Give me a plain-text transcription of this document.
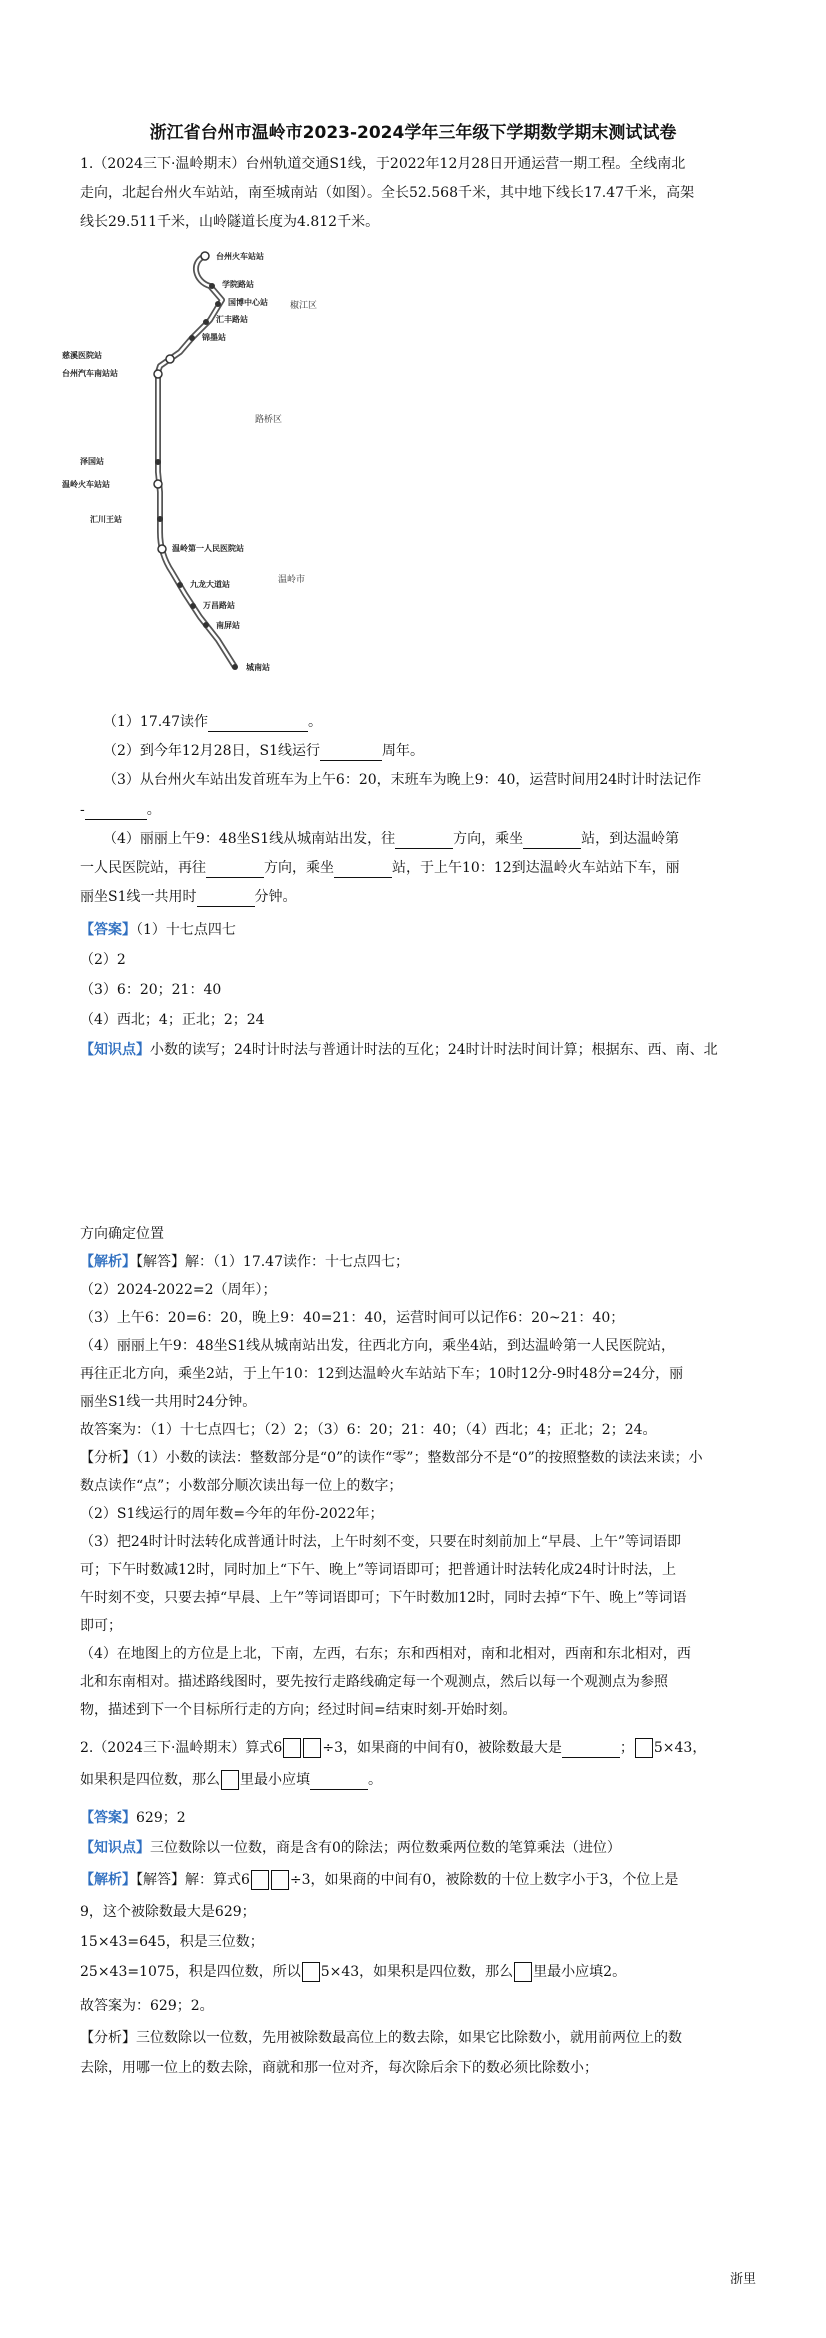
浙江省台州市温岭市2023-2024学年三年级下学期数学期末测试试卷
1.（2024三下·温岭期末）台州轨道交通S1线，于2022年12月28日开通运营一期工程。全线南北
走向，北起台州火车站站，南至城南站（如图）。全长52.568千米，其中地下线长17.47千米，高架
线长29.511千米，山岭隧道长度为4.812千米。
台州火车站站
学院路站
国博中心站
汇丰路站
锦墨站
慈溪医院站
台州汽车南站站
泽国站
温岭火车站站
汇川王站
温岭第一人民医院站
九龙大道站
万昌路站
南屏站
城南站
椒江区
路桥区
温岭市
（1）17.47读作	。
（2）到今年12月28日，S1线运行	周年。
（3）从台州火车站出发首班车为上午6：20，末班车为晚上9：40，运营时间用24时计时法记作
-	。
（4）丽丽上午9：48坐S1线从城南站出发，往	方向，乘坐	站，到达温岭第
一人民医院站，再往	方向，乘坐	站，于上午10：12到达温岭火车站站下车，丽
丽坐S1线一共用时	分钟。
【答案】（1）十七点四七
（2）2
（3）6：20；21：40
（4）西北；4；正北；2；24
【知识点】小数的读写；24时计时法与普通计时法的互化；24时计时法时间计算；根据东、西、南、北
方向确定位置
【解析】【解答】解：（1）17.47读作：十七点四七；
（2）2024-2022=2（周年）；
（3）上午6：20=6：20，晚上9：40=21：40，运营时间可以记作6：20~21：40；
（4）丽丽上午9：48坐S1线从城南站出发，往西北方向，乘坐4站，到达温岭第一人民医院站，
再往正北方向，乘坐2站，于上午10：12到达温岭火车站站下车；10时12分-9时48分=24分，丽
丽坐S1线一共用时24分钟。
故答案为：（1）十七点四七；（2）2；（3）6：20；21：40；（4）西北；4；正北；2；24。
【分析】（1）小数的读法：整数部分是“0”的读作“零”；整数部分不是“0”的按照整数的读法来读；小
数点读作“点”；小数部分顺次读出每一位上的数字；
（2）S1线运行的周年数=今年的年份-2022年；
（3）把24时计时法转化成普通计时法，上午时刻不变，只要在时刻前加上“早晨、上午”等词语即
可；下午时数减12时，同时加上“下午、晚上”等词语即可；把普通计时法转化成24时计时法，上
午时刻不变，只要去掉“早晨、上午”等词语即可；下午时数加12时，同时去掉“下午、晚上”等词语
即可；
（4）在地图上的方位是上北，下南，左西，右东；东和西相对，南和北相对，西南和东北相对，西
北和东南相对。描述路线图时，要先按行走路线确定每一个观测点，然后以每一个观测点为参照
物，描述到下一个目标所行走的方向；经过时间=结束时刻-开始时刻。
2.（2024三下·温岭期末）算式6	÷3，如果商的中间有0，被除数最大是	； 5×43，
如果积是四位数，那么 里最小应填	。
【答案】629；2
【知识点】三位数除以一位数，商是含有0的除法；两位数乘两位数的笔算乘法（进位）
【解析】【解答】解：算式6	÷3，如果商的中间有0，被除数的十位上数字小于3，个位上是
9，这个被除数最大是629；
15×43=645，积是三位数；
25×43=1075，积是四位数，所以 5×43，如果积是四位数，那么 里最小应填2。
故答案为：629；2。
【分析】三位数除以一位数，先用被除数最高位上的数去除，如果它比除数小，就用前两位上的数
去除，用哪一位上的数去除，商就和那一位对齐，每次除后余下的数必须比除数小；
浙里
